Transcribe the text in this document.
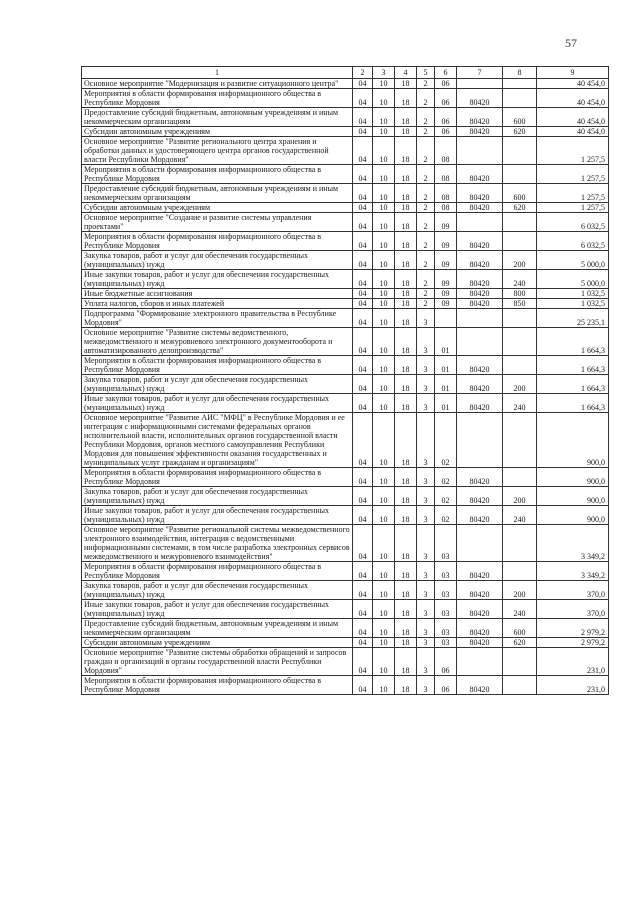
57
1	2	3	4	5	6	7	8	9
Основное мероприятие "Модернизация и развитие ситуационного центра"	04	10	18	2	06			40 454,0
Мероприятия в области формирования информационного общества в Республике Мордовия	04	10	18	2	06	80420		40 454,0
Предоставление субсидий бюджетным, автономным учреждениям и иным некоммерческим организациям	04	10	18	2	06	80420	600	40 454,0
Субсидии автономным учреждениям	04	10	18	2	06	80420	620	40 454,0
Основное мероприятие "Развитие регионального центра хранения и обработки данных и удостоверяющего центра органов государственной власти Республики Мордовия"	04	10	18	2	08			1 257,5
Мероприятия в области формирования информационного общества в Республике Мордовия	04	10	18	2	08	80420		1 257,5
Предоставление субсидий бюджетным, автономным учреждениям и иным некоммерческим организациям	04	10	18	2	08	80420	600	1 257,5
Субсидии автономным учреждениям	04	10	18	2	08	80420	620	1 257,5
Основное мероприятие "Создание и развитие системы управления проектами"	04	10	18	2	09			6 032,5
Мероприятия в области формирования информационного общества в Республике Мордовия	04	10	18	2	09	80420		6 032,5
Закупка товаров, работ и услуг для обеспечения государственных (муниципальных) нужд	04	10	18	2	09	80420	200	5 000,0
Иные закупки товаров, работ и услуг для обеспечения государственных (муниципальных) нужд	04	10	18	2	09	80420	240	5 000,0
Иные бюджетные ассигнования	04	10	18	2	09	80420	800	1 032,5
Уплата налогов, сборов и иных платежей	04	10	18	2	09	80420	850	1 032,5
Подпрограмма "Формирование электронного правительства в Республике Мордовия"	04	10	18	3				25 235,1
Основное мероприятие "Развитие системы ведомственного, межведомственного и межуровневого электронного документооборота и автоматизированного делопроизводства"	04	10	18	3	01			1 664,3
Мероприятия в области формирования информационного общества в Республике Мордовия	04	10	18	3	01	80420		1 664,3
Закупка товаров, работ и услуг для обеспечения государственных (муниципальных) нужд	04	10	18	3	01	80420	200	1 664,3
Иные закупки товаров, работ и услуг для обеспечения государственных (муниципальных) нужд	04	10	18	3	01	80420	240	1 664,3
Основное мероприятие "Развитие АИС "МФЦ" в Республике Мордовия и ее интеграция с информационными системами федеральных органов исполнительной власти, исполнительных органов государственной власти Республики Мордовия, органов местного самоуправления Республики Мордовия для повышения эффективности оказания государственных и муниципальных услуг гражданам и организациям"	04	10	18	3	02			900,0
Мероприятия в области формирования информационного общества в Республике Мордовия	04	10	18	3	02	80420		900,0
Закупка товаров, работ и услуг для обеспечения государственных (муниципальных) нужд	04	10	18	3	02	80420	200	900,0
Иные закупки товаров, работ и услуг для обеспечения государственных (муниципальных) нужд	04	10	18	3	02	80420	240	900,0
Основное мероприятие "Развитие региональной системы межведомственного электронного взаимодействия, интеграция с ведомственными информационными системами, в том числе разработка электронных сервисов межведомственного и межуровневого взаимодействия"	04	10	18	3	03			3 349,2
Мероприятия в области формирования информационного общества в Республике Мордовия	04	10	18	3	03	80420		3 349,2
Закупка товаров, работ и услуг для обеспечения государственных (муниципальных) нужд	04	10	18	3	03	80420	200	370,0
Иные закупки товаров, работ и услуг для обеспечения государственных (муниципальных) нужд	04	10	18	3	03	80420	240	370,0
Предоставление субсидий бюджетным, автономным учреждениям и иным некоммерческим организациям	04	10	18	3	03	80420	600	2 979,2
Субсидии автономным учреждениям	04	10	18	3	03	80420	620	2 979,2
Основное мероприятие "Развитие системы обработки обращений и запросов граждан и организаций в органы государственной власти Республики Мордовия"	04	10	18	3	06			231,0
Мероприятия в области формирования информационного общества в Республике Мордовия	04	10	18	3	06	80420		231,0
